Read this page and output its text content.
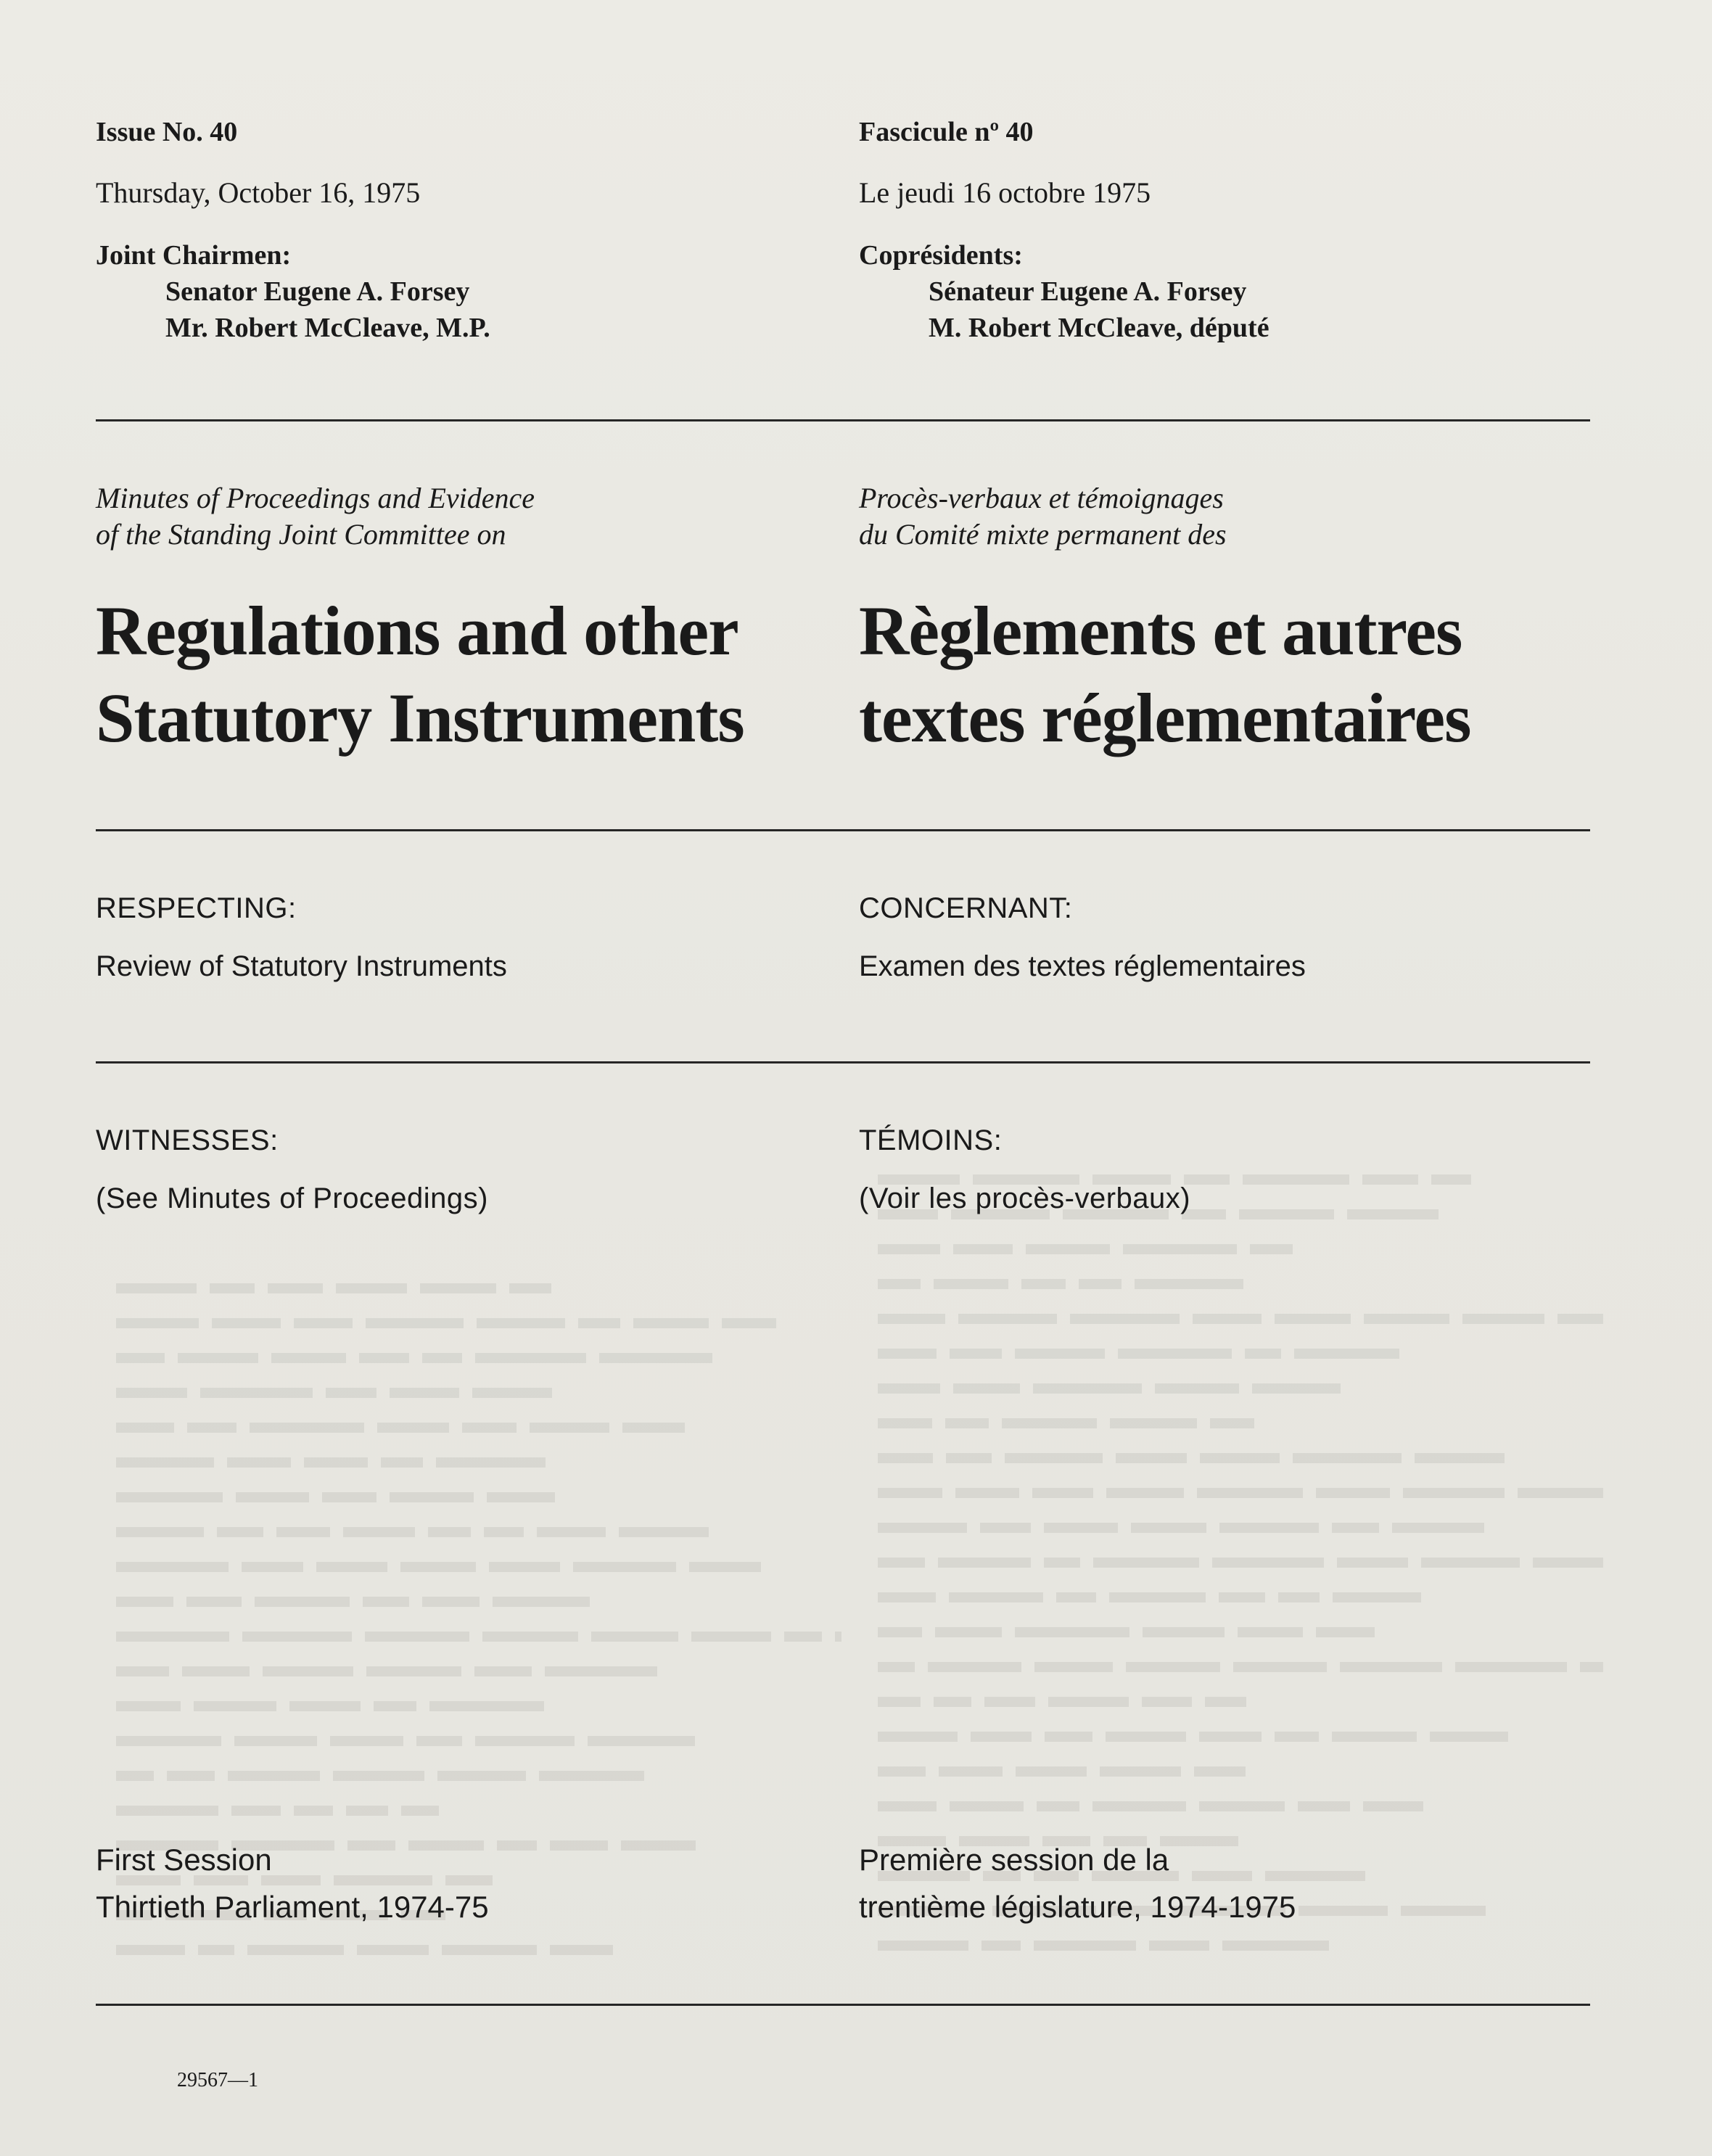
Issue No. 40
Thursday, October 16, 1975
Joint Chairmen:
Senator Eugene A. Forsey
Mr. Robert McCleave, M.P.
Minutes of Proceedings and Evidence
of the Standing Joint Committee on
Regulations and other
Statutory Instruments
RESPECTING:
Review of Statutory Instruments
WITNESSES:
(See Minutes of Proceedings)
First Session
Thirtieth Parliament, 1974-75
Fascicule nº 40
Le jeudi 16 octobre 1975
Coprésidents:
Sénateur Eugene A. Forsey
M. Robert McCleave, député
Procès-verbaux et témoignages
du Comité mixte permanent des
Règlements et autres
textes réglementaires
CONCERNANT:
Examen des textes réglementaires
TÉMOINS:
(Voir les procès-verbaux)
Première session de la
trentième législature, 1974-1975
29567—1
